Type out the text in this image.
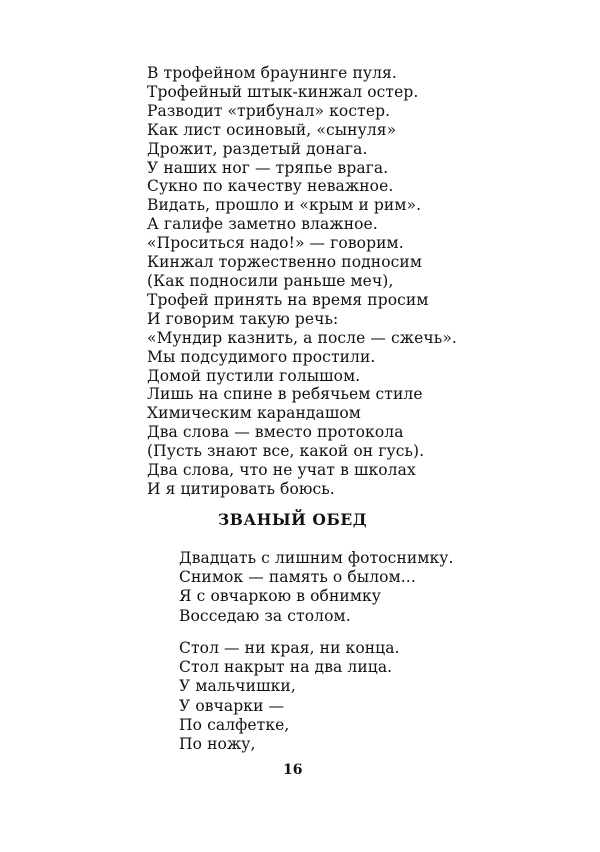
В трофейном браунинге пуля.
Трофейный штык-кинжал остер.
Разводит «трибунал» костер.
Как лист осиновый, «сынуля»
Дрожит, раздетый донага.
У наших ног — тряпье врага.
Сукно по качеству неважное.
Видать, прошло и «крым и рим».
А галифе заметно влажное.
«Проситься надо!» — говорим.
Кинжал торжественно подносим
(Как подносили раньше меч),
Трофей принять на время просим
И говорим такую речь:
«Мундир казнить, а после — сжечь».
Мы подсудимого простили.
Домой пустили голышом.
Лишь на спине в ребячьем стиле
Химическим карандашом
Два слова — вместо протокола
(Пусть знают все, какой он гусь).
Два слова, что не учат в школах
И я цитировать боюсь.
ЗВАНЫЙ ОБЕД
Двадцать с лишним фотоснимку.
Снимок — память о былом...
Я с овчаркою в обнимку
Восседаю за столом.
Стол — ни края, ни конца.
Стол накрыт на два лица.
У мальчишки,
У овчарки —
По салфетке,
По ножу,
16
